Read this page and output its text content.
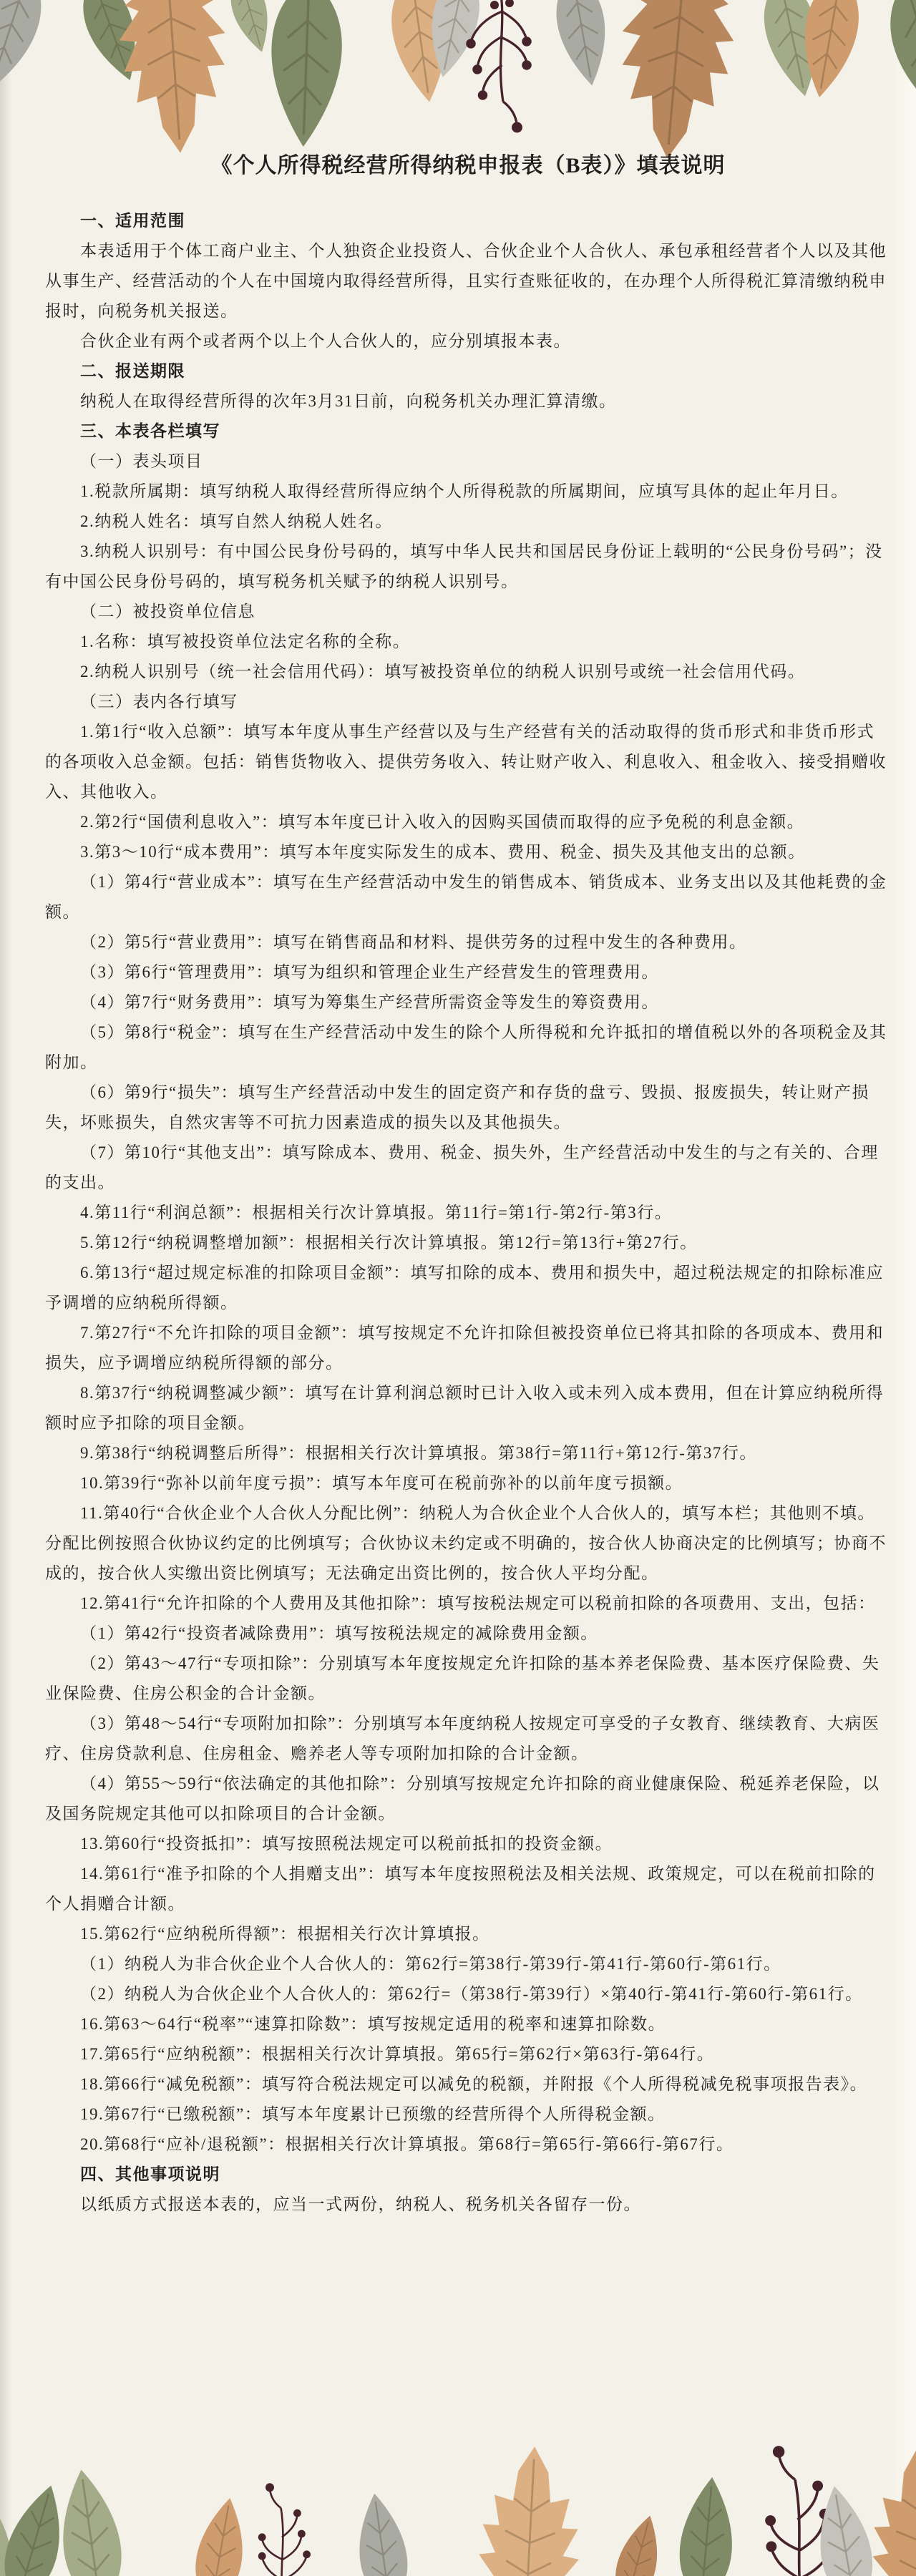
《个人所得税经营所得纳税申报表（B表）》填表说明

一、适用范围

本表适用于个体工商户业主、个人独资企业投资人、合伙企业个人合伙人、承包承租经营者个人以及其他从事生产、经营活动的个人在中国境内取得经营所得，且实行查账征收的，在办理个人所得税汇算清缴纳税申报时，向税务机关报送。

合伙企业有两个或者两个以上个人合伙人的，应分别填报本表。

二、报送期限

纳税人在取得经营所得的次年3月31日前，向税务机关办理汇算清缴。

三、本表各栏填写

（一）表头项目

1.税款所属期：填写纳税人取得经营所得应纳个人所得税款的所属期间，应填写具体的起止年月日。

2.纳税人姓名：填写自然人纳税人姓名。

3.纳税人识别号：有中国公民身份号码的，填写中华人民共和国居民身份证上载明的“公民身份号码”；没有中国公民身份号码的，填写税务机关赋予的纳税人识别号。

（二）被投资单位信息

1.名称：填写被投资单位法定名称的全称。

2.纳税人识别号（统一社会信用代码）：填写被投资单位的纳税人识别号或统一社会信用代码。

（三）表内各行填写

1.第1行“收入总额”：填写本年度从事生产经营以及与生产经营有关的活动取得的货币形式和非货币形式的各项收入总金额。包括：销售货物收入、提供劳务收入、转让财产收入、利息收入、租金收入、接受捐赠收入、其他收入。

2.第2行“国债利息收入”：填写本年度已计入收入的因购买国债而取得的应予免税的利息金额。

3.第3～10行“成本费用”：填写本年度实际发生的成本、费用、税金、损失及其他支出的总额。

（1）第4行“营业成本”：填写在生产经营活动中发生的销售成本、销货成本、业务支出以及其他耗费的金额。

（2）第5行“营业费用”：填写在销售商品和材料、提供劳务的过程中发生的各种费用。

（3）第6行“管理费用”：填写为组织和管理企业生产经营发生的管理费用。

（4）第7行“财务费用”：填写为筹集生产经营所需资金等发生的筹资费用。

（5）第8行“税金”：填写在生产经营活动中发生的除个人所得税和允许抵扣的增值税以外的各项税金及其附加。

（6）第9行“损失”：填写生产经营活动中发生的固定资产和存货的盘亏、毁损、报废损失，转让财产损失，坏账损失，自然灾害等不可抗力因素造成的损失以及其他损失。

（7）第10行“其他支出”：填写除成本、费用、税金、损失外，生产经营活动中发生的与之有关的、合理的支出。

4.第11行“利润总额”：根据相关行次计算填报。第11行=第1行-第2行-第3行。

5.第12行“纳税调整增加额”：根据相关行次计算填报。第12行=第13行+第27行。

6.第13行“超过规定标准的扣除项目金额”：填写扣除的成本、费用和损失中，超过税法规定的扣除标准应予调增的应纳税所得额。

7.第27行“不允许扣除的项目金额”：填写按规定不允许扣除但被投资单位已将其扣除的各项成本、费用和损失，应予调增应纳税所得额的部分。

8.第37行“纳税调整减少额”：填写在计算利润总额时已计入收入或未列入成本费用，但在计算应纳税所得额时应予扣除的项目金额。

9.第38行“纳税调整后所得”：根据相关行次计算填报。第38行=第11行+第12行-第37行。

10.第39行“弥补以前年度亏损”：填写本年度可在税前弥补的以前年度亏损额。

11.第40行“合伙企业个人合伙人分配比例”：纳税人为合伙企业个人合伙人的，填写本栏；其他则不填。分配比例按照合伙协议约定的比例填写；合伙协议未约定或不明确的，按合伙人协商决定的比例填写；协商不成的，按合伙人实缴出资比例填写；无法确定出资比例的，按合伙人平均分配。

12.第41行“允许扣除的个人费用及其他扣除”：填写按税法规定可以税前扣除的各项费用、支出，包括：

（1）第42行“投资者减除费用”：填写按税法规定的减除费用金额。

（2）第43～47行“专项扣除”：分别填写本年度按规定允许扣除的基本养老保险费、基本医疗保险费、失业保险费、住房公积金的合计金额。

（3）第48～54行“专项附加扣除”：分别填写本年度纳税人按规定可享受的子女教育、继续教育、大病医疗、住房贷款利息、住房租金、赡养老人等专项附加扣除的合计金额。

（4）第55～59行“依法确定的其他扣除”：分别填写按规定允许扣除的商业健康保险、税延养老保险，以及国务院规定其他可以扣除项目的合计金额。

13.第60行“投资抵扣”：填写按照税法规定可以税前抵扣的投资金额。

14.第61行“准予扣除的个人捐赠支出”：填写本年度按照税法及相关法规、政策规定，可以在税前扣除的个人捐赠合计额。

15.第62行“应纳税所得额”：根据相关行次计算填报。

（1）纳税人为非合伙企业个人合伙人的：第62行=第38行-第39行-第41行-第60行-第61行。

（2）纳税人为合伙企业个人合伙人的：第62行=（第38行-第39行）×第40行-第41行-第60行-第61行。

16.第63～64行“税率”“速算扣除数”：填写按规定适用的税率和速算扣除数。

17.第65行“应纳税额”：根据相关行次计算填报。第65行=第62行×第63行-第64行。

18.第66行“减免税额”：填写符合税法规定可以减免的税额，并附报《个人所得税减免税事项报告表》。

19.第67行“已缴税额”：填写本年度累计已预缴的经营所得个人所得税金额。

20.第68行“应补/退税额”：根据相关行次计算填报。第68行=第65行-第66行-第67行。

四、其他事项说明

以纸质方式报送本表的，应当一式两份，纳税人、税务机关各留存一份。
